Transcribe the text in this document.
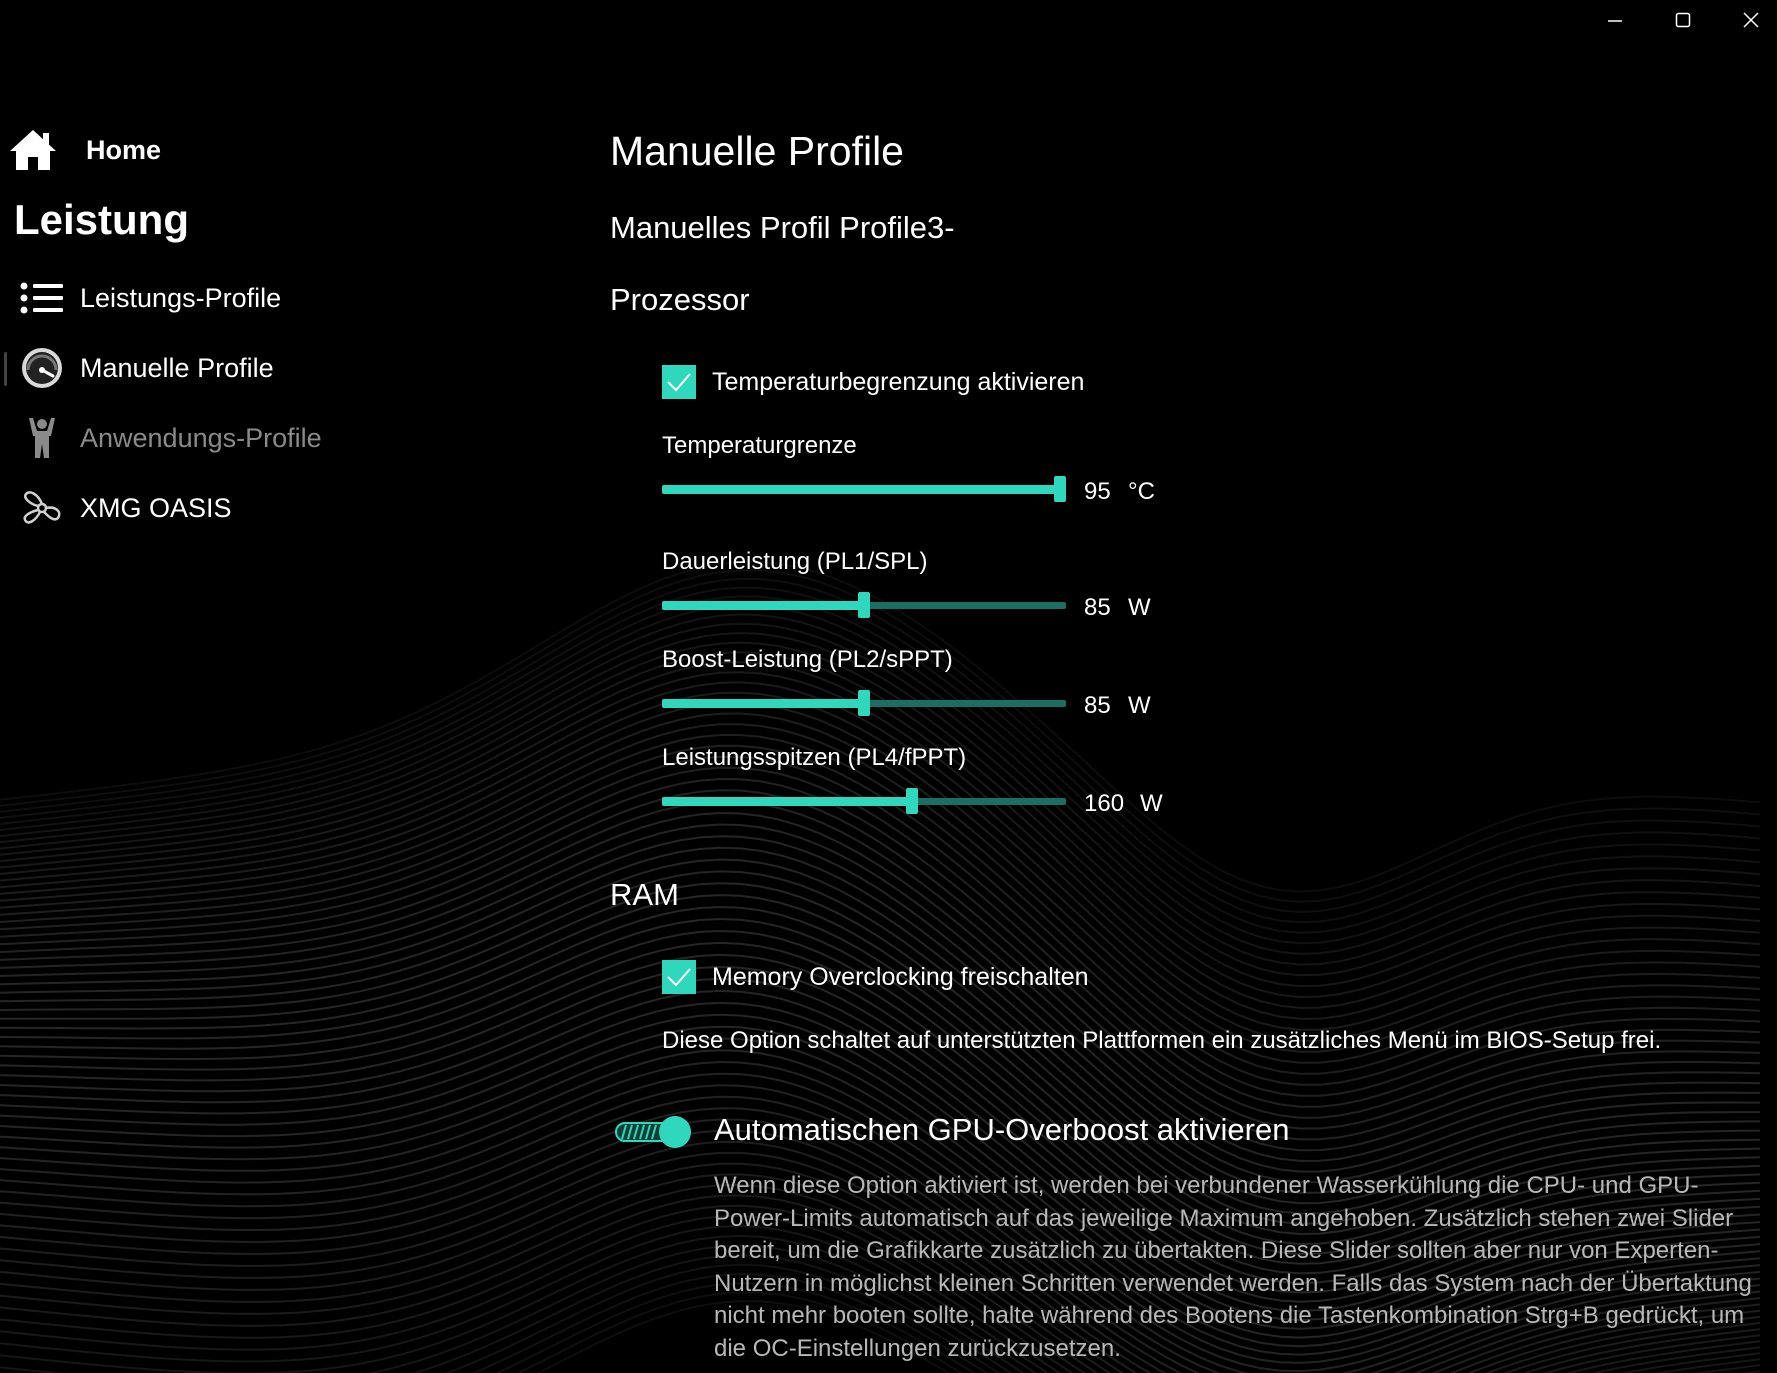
Home
Leistung
Leistungs-Profile
Manuelle Profile
Anwendungs-Profile
XMG OASIS
Manuelle Profile
Manuelles Profil Profile3-
Prozessor
Temperaturbegrenzung aktivieren
Temperaturgrenze
95 °C
Dauerleistung (PL1/SPL)
85 W
Boost-Leistung (PL2/sPPT)
85 W
Leistungsspitzen (PL4/fPPT)
160 W
RAM
Memory Overclocking freischalten
Diese Option schaltet auf unterstützten Plattformen ein zusätzliches Menü im BIOS-Setup frei.
Automatischen GPU-Overboost aktivieren
Wenn diese Option aktiviert ist, werden bei verbundener Wasserkühlung die CPU- und GPU-Power-Limits automatisch auf das jeweilige Maximum angehoben. Zusätzlich stehen zwei Slider bereit, um die Grafikkarte zusätzlich zu übertakten. Diese Slider sollten aber nur von Experten-Nutzern in möglichst kleinen Schritten verwendet werden. Falls das System nach der Übertaktung nicht mehr booten sollte, halte während des Bootens die Tastenkombination Strg+B gedrückt, um die OC-Einstellungen zurückzusetzen.
